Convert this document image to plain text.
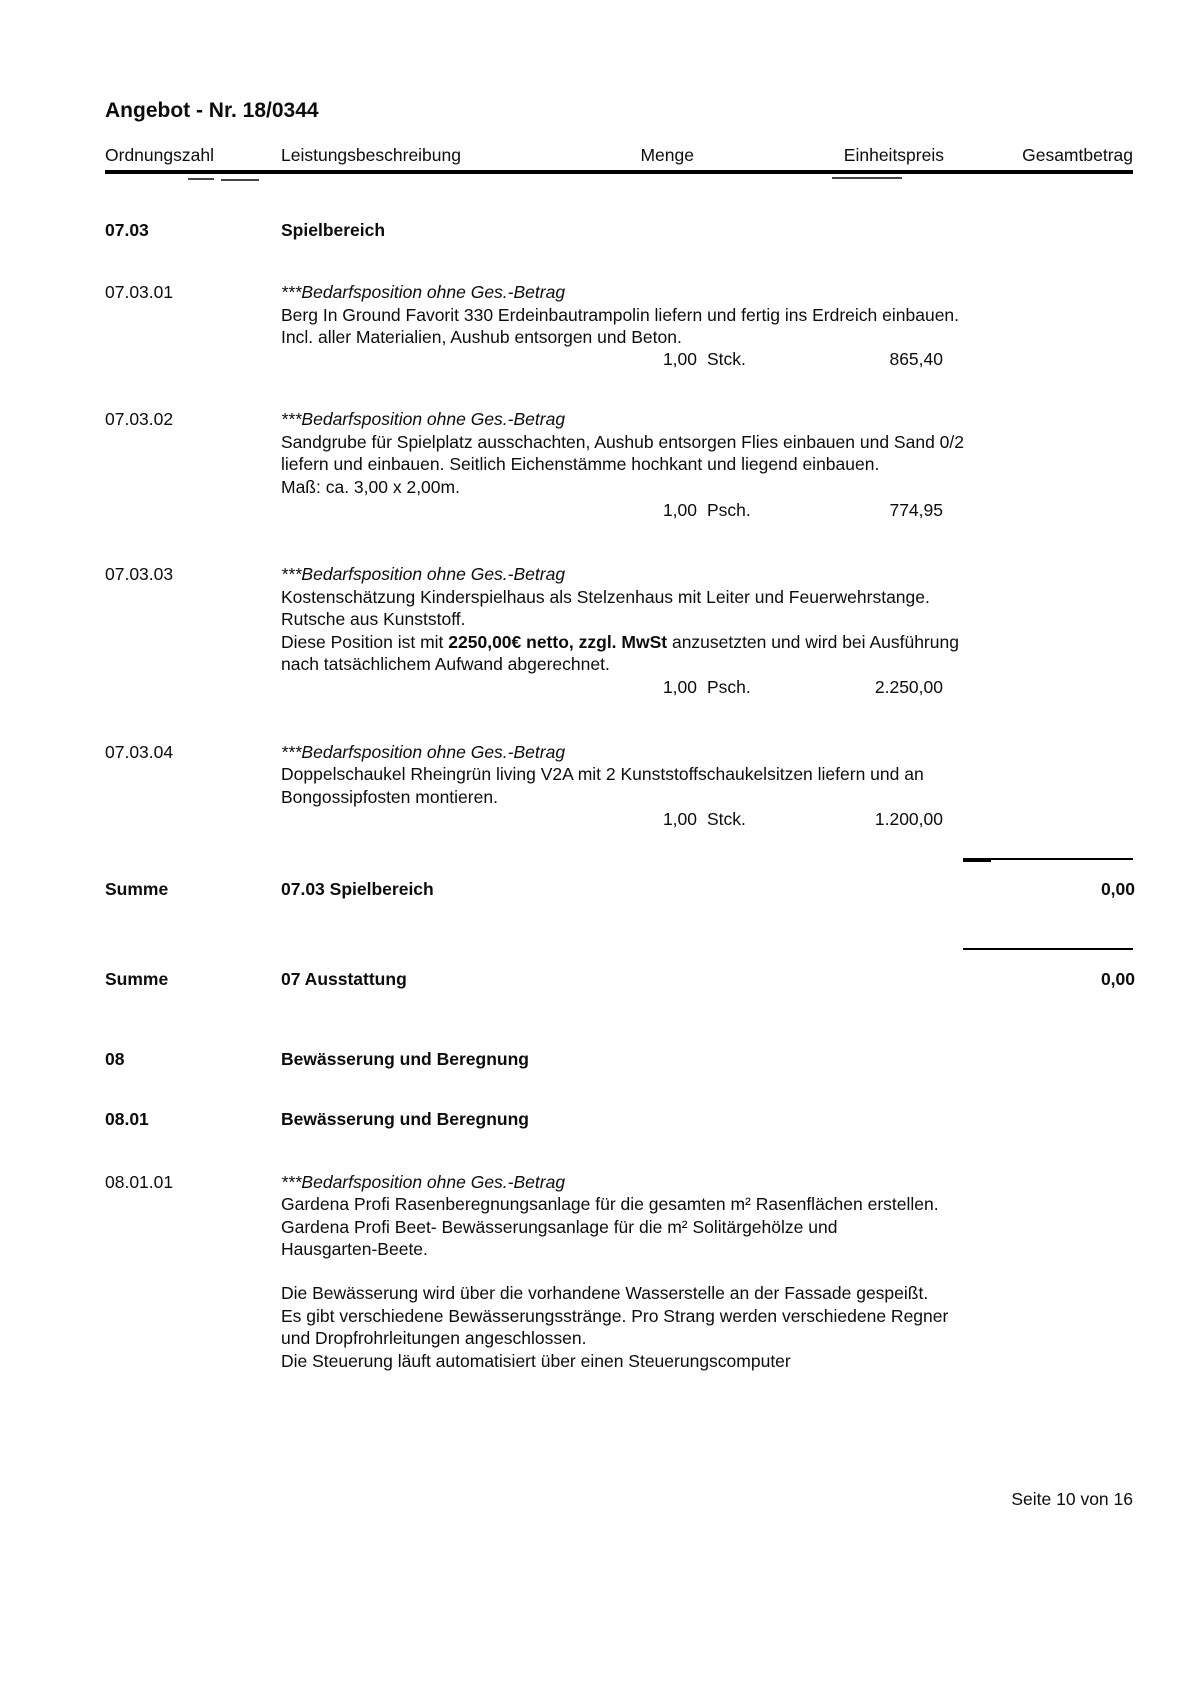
Angebot - Nr. 18/0344
Ordnungszahl	Leistungsbeschreibung	Menge	Einheitspreis	Gesamtbetrag
07.03	Spielbereich
07.03.01	***Bedarfsposition ohne Ges.-Betrag
Berg In Ground Favorit 330 Erdeinbautrampolin liefern und fertig ins Erdreich einbauen.
Incl. aller Materialien, Aushub entsorgen und Beton.
1,00 Stck.	865,40
07.03.02	***Bedarfsposition ohne Ges.-Betrag
Sandgrube für Spielplatz ausschachten, Aushub entsorgen Flies einbauen und Sand 0/2
liefern und einbauen. Seitlich Eichenstämme hochkant und liegend einbauen.
Maß: ca. 3,00 x 2,00m.
1,00 Psch.	774,95
07.03.03	***Bedarfsposition ohne Ges.-Betrag
Kostenschätzung Kinderspielhaus als Stelzenhaus mit Leiter und Feuerwehrstange.
Rutsche aus Kunststoff.
Diese Position ist mit 2250,00€ netto, zzgl. MwSt anzusetzten und wird bei Ausführung
nach tatsächlichem Aufwand abgerechnet.
1,00 Psch.	2.250,00
07.03.04	***Bedarfsposition ohne Ges.-Betrag
Doppelschaukel Rheingrün living V2A mit 2 Kunststoffschaukelsitzen liefern und an
Bongossipfosten montieren.
1,00 Stck.	1.200,00
Summe	07.03 Spielbereich	0,00
Summe	07 Ausstattung	0,00
08	Bewässerung und Beregnung
08.01	Bewässerung und Beregnung
08.01.01	***Bedarfsposition ohne Ges.-Betrag
Gardena Profi Rasenberegnungsanlage für die gesamten m² Rasenflächen erstellen.
Gardena Profi Beet- Bewässerungsanlage für die m² Solitärgehölze und
Hausgarten-Beete.
Die Bewässerung wird über die vorhandene Wasserstelle an der Fassade gespeißt.
Es gibt verschiedene Bewässerungsstränge. Pro Strang werden verschiedene Regner
und Dropfrohrleitungen angeschlossen.
Die Steuerung läuft automatisiert über einen Steuerungscomputer
Seite 10 von 16
